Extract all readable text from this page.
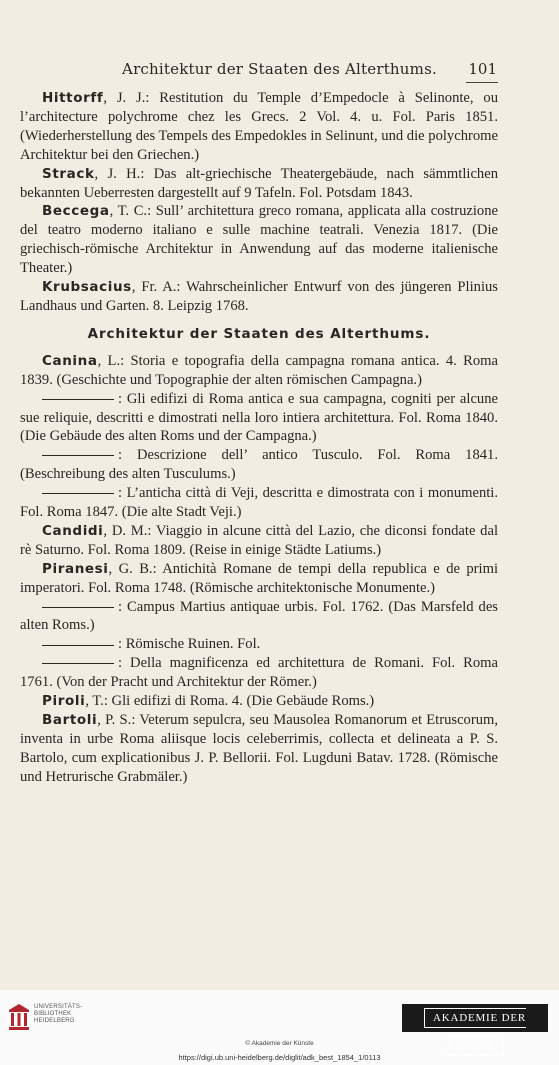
Architektur der Staaten des Alterthums.	101

Hittorff, J. J.: Restitution du Temple d’Empedocle à Selinonte, ou l’architecture polychrome chez les Grecs. 2 Vol. 4. u. Fol. Paris 1851. (Wiederherstellung des Tempels des Empedokles in Selinunt, und die polychrome Architektur bei den Griechen.)

Strack, J. H.: Das alt-griechische Theatergebäude, nach sämmtlichen bekannten Ueberresten dargestellt auf 9 Tafeln. Fol. Potsdam 1843.

Beccega, T. C.: Sull’ architettura greco romana, applicata alla costruzione del teatro moderno italiano e sulle machine teatrali. Venezia 1817. (Die griechisch-römische Architektur in Anwendung auf das moderne italienische Theater.)

Krubsacius, Fr. A.: Wahrscheinlicher Entwurf von des jüngeren Plinius Landhaus und Garten. 8. Leipzig 1768.

Architektur der Staaten des Alterthums.

Canina, L.: Storia e topografia della campagna romana antica. 4. Roma 1839. (Geschichte und Topographie der alten römischen Campagna.)

: Gli edifizi di Roma antica e sua campagna, cogniti per alcune sue reliquie, descritti e dimostrati nella loro intiera architettura. Fol. Roma 1840. (Die Gebäude des alten Roms und der Campagna.)

: Descrizione dell’ antico Tusculo. Fol. Roma 1841. (Beschreibung des alten Tusculums.)

: L’anticha città di Veji, descritta e dimostrata con i monumenti. Fol. Roma 1847. (Die alte Stadt Veji.)

Candidi, D. M.: Viaggio in alcune città del Lazio, che diconsi fondate dal rè Saturno. Fol. Roma 1809. (Reise in einige Städte Latiums.)

Piranesi, G. B.: Antichità Romane de tempi della republica e de primi imperatori. Fol. Roma 1748. (Römische architektonische Monumente.)

: Campus Martius antiquae urbis. Fol. 1762. (Das Marsfeld des alten Roms.)

: Römische Ruinen. Fol.

: Della magnificenza ed architettura de Romani. Fol. Roma 1761. (Von der Pracht und Architektur der Römer.)

Piroli, T.: Gli edifizi di Roma. 4. (Die Gebäude Roms.)

Bartoli, P. S.: Veterum sepulcra, seu Mausolea Romanorum et Etruscorum, inventa in urbe Roma aliisque locis celeberrimis, collecta et delineata a P. S. Bartolo, cum explicationibus J. P. Bellorii. Fol. Lugduni Batav. 1728. (Römische und Hetrurische Grabmäler.)

UNIVERSITÄTS-
BIBLIOTHEK
HEIDELBERG	AKADEMIE DER KÜNSTE
© Akademie der Künste
https://digi.ub.uni-heidelberg.de/diglit/adk_best_1854_1/0113
